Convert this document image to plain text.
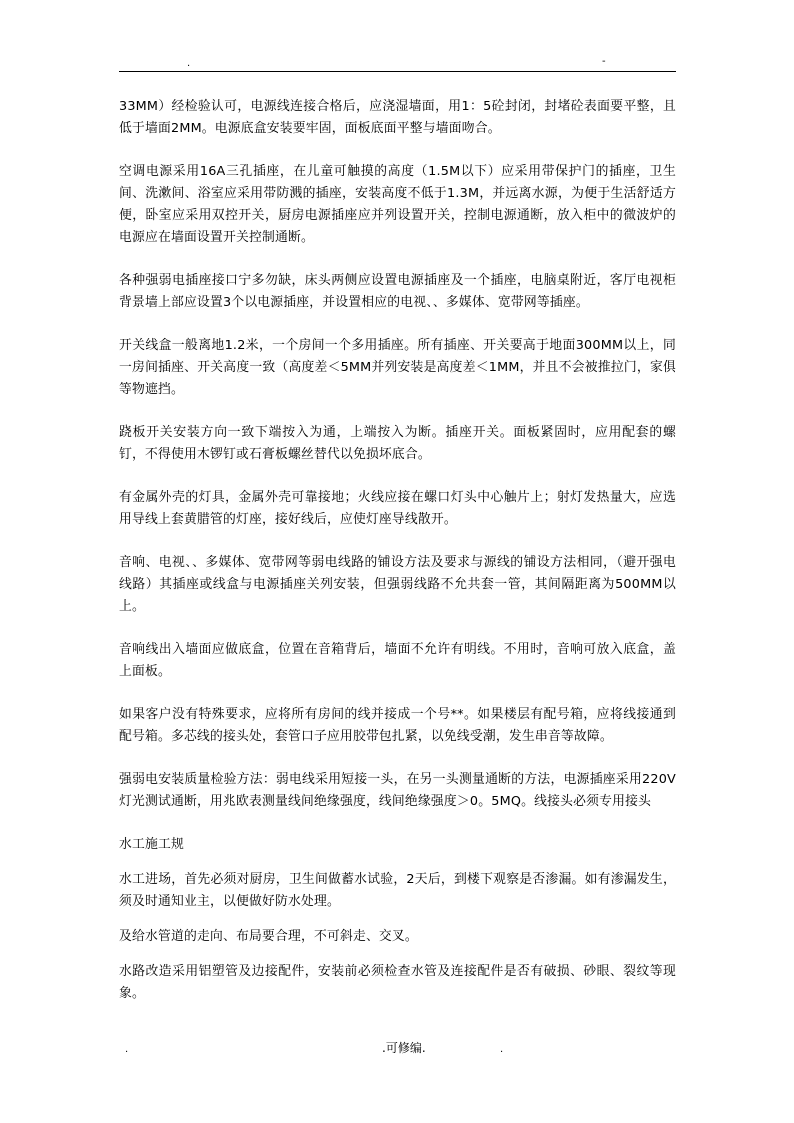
.	-

33MM）经检验认可，电源线连接合格后，应浇湿墙面，用1：5砼封闭，封堵砼表面要平整，且低于墙面2MM。电源底盒安装要牢固，面板底面平整与墙面吻合。

空调电源采用16A三孔插座，在儿童可触摸的高度（1.5M以下）应采用带保护门的插座，卫生间、洗漱间、浴室应采用带防溅的插座，安装高度不低于1.3M，并远离水源，为便于生活舒适方便，卧室应采用双控开关，厨房电源插座应并列设置开关，控制电源通断，放入柜中的微波炉的电源应在墙面设置开关控制通断。

各种强弱电插座接口宁多勿缺，床头两侧应设置电源插座及一个插座，电脑桌附近，客厅电视柜背景墙上部应设置3个以电源插座，并设置相应的电视、、多媒体、宽带网等插座。

开关线盒一般离地1.2米，一个房间一个多用插座。所有插座、开关要高于地面300MM以上，同一房间插座、开关高度一致（高度差＜5MM并列安装是高度差＜1MM，并且不会被推拉门，家俱等物遮挡。

跷板开关安装方向一致下端按入为通，上端按入为断。插座开关。面板紧固时，应用配套的螺钉，不得使用木锣钉或石膏板螺丝替代以免损坏底合。

有金属外壳的灯具，金属外壳可靠接地；火线应接在螺口灯头中心触片上；射灯发热量大，应选用导线上套黄腊管的灯座，接好线后，应使灯座导线散开。

音响、电视、、多媒体、宽带网等弱电线路的铺设方法及要求与源线的铺设方法相同，（避开强电线路）其插座或线盒与电源插座关列安装，但强弱线路不允共套一管，其间隔距离为500MM以上。

音响线出入墙面应做底盒，位置在音箱背后，墙面不允许有明线。不用时，音响可放入底盒，盖上面板。

如果客户没有特殊要求，应将所有房间的线并接成一个号**。如果楼层有配号箱，应将线接通到配号箱。多芯线的接头处，套管口子应用胶带包扎紧，以免线受潮，发生串音等故障。

强弱电安装质量检验方法：弱电线采用短接一头，在另一头测量通断的方法，电源插座采用220V灯光测试通断，用兆欧表测量线间绝缘强度，线间绝缘强度＞0。5MQ。线接头必须专用接头

水工施工规

水工进场，首先必须对厨房，卫生间做蓄水试验，2天后，到楼下观察是否渗漏。如有渗漏发生，须及时通知业主，以便做好防水处理。

及给水管道的走向、布局要合理，不可斜走、交叉。

水路改造采用铝塑管及边接配件，安装前必须检查水管及连接配件是否有破损、砂眼、裂纹等现象。

.	.可修编.	.
